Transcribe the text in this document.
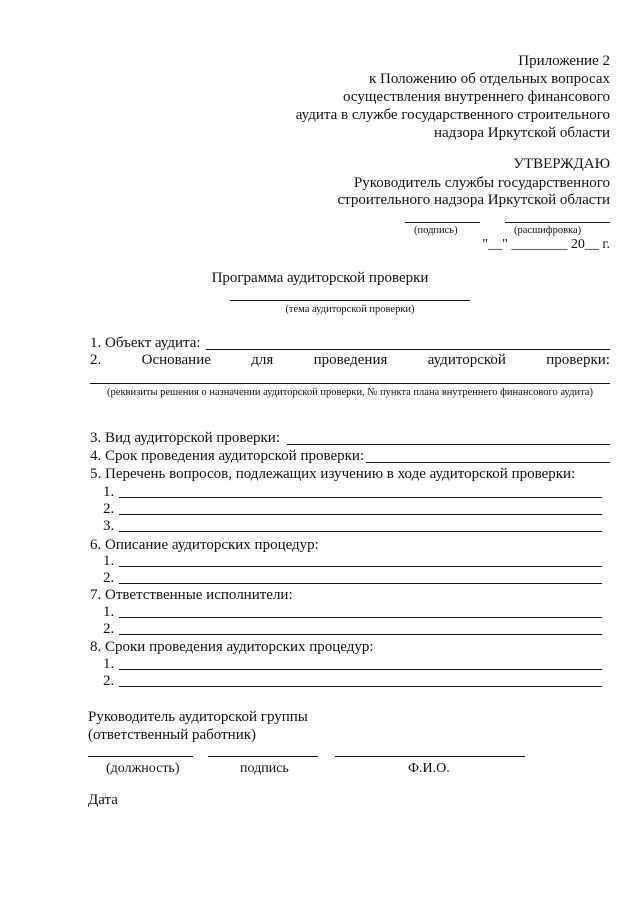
Приложение 2
к Положению об отдельных вопросах
осуществления внутреннего финансового
аудита в службе государственного строительного
надзора Иркутской области
УТВЕРЖДАЮ
Руководитель службы государственного
строительного надзора Иркутской области
(подпись)	(расшифровка)
"__" ________ 20__ г.
Программа аудиторской проверки
(тема аудиторской проверки)
1. Объект аудита:
2.	Основание	для	проведения	аудиторской	проверки:
(реквизиты решения о назначении аудиторской проверки, № пункта плана внутреннего финансового аудита)
3. Вид аудиторской проверки:
4. Срок проведения аудиторской проверки:
5. Перечень вопросов, подлежащих изучению в ходе аудиторской проверки:
1.
2.
3.
6. Описание аудиторских процедур:
1.
2.
7. Ответственные исполнители:
1.
2.
8. Сроки проведения аудиторских процедур:
1.
2.
Руководитель аудиторской группы
(ответственный работник)
(должность)	подпись	Ф.И.О.
Дата
